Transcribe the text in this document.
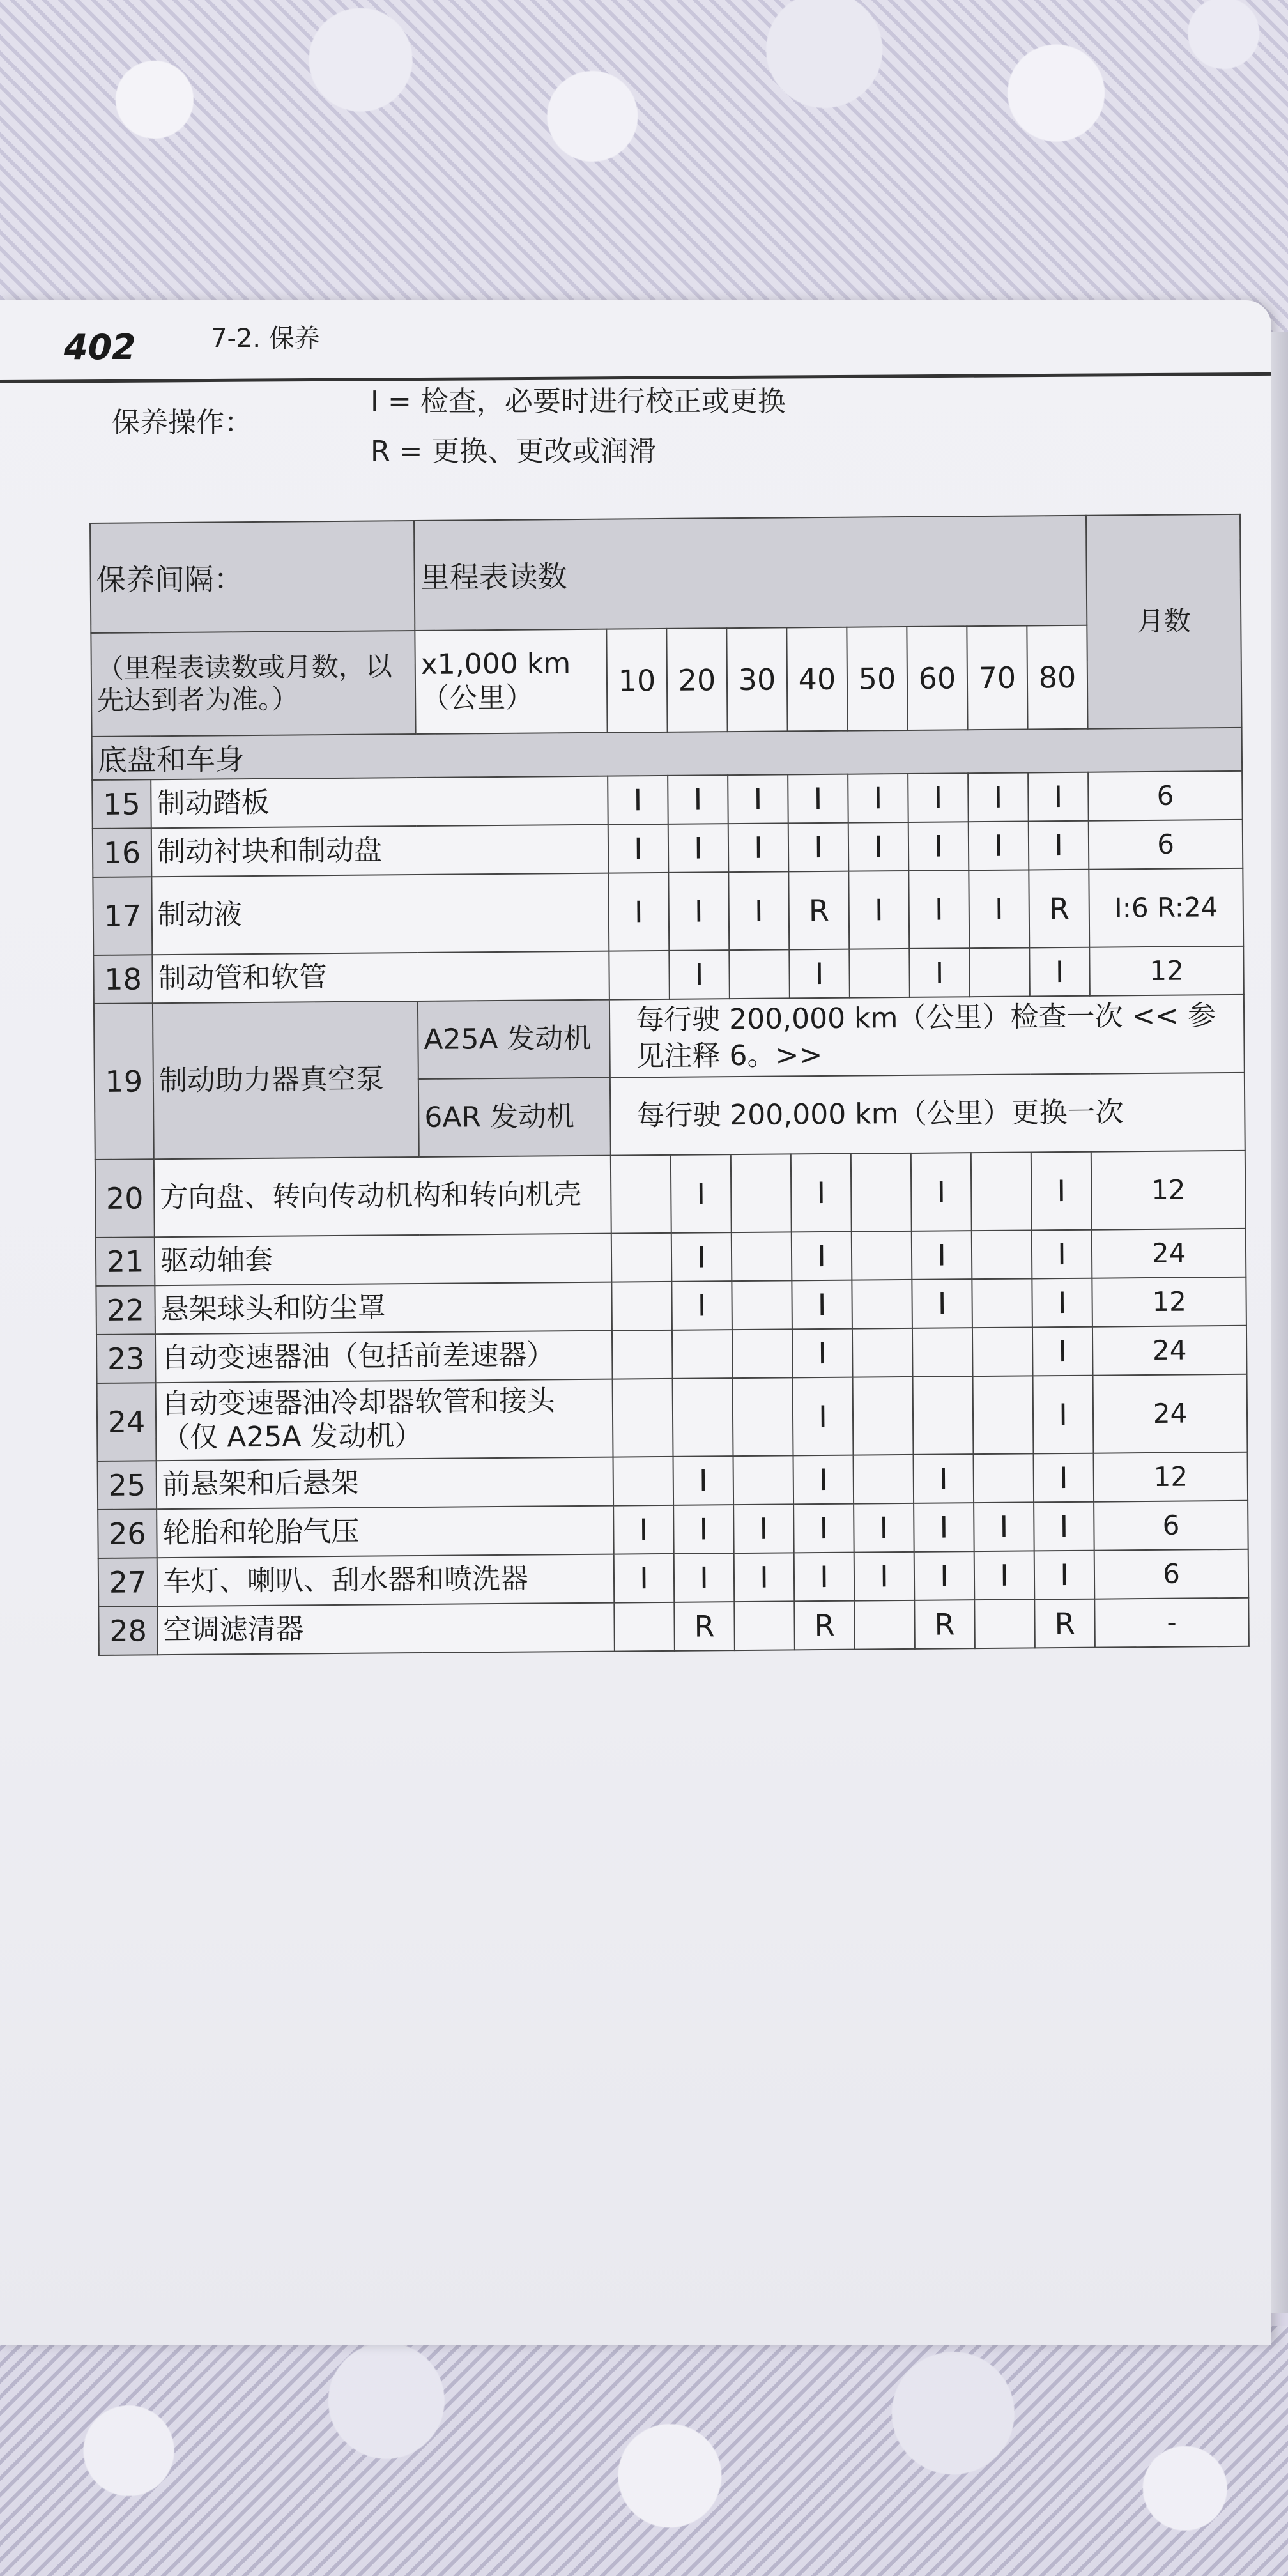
402	7-2. 保养
保养操作：
I = 检查，必要时进行校正或更换
R = 更换、更改或润滑
保养间隔：		里程表读数									月数
（里程表读数或月数，以先达到者为准。）		x1,000 km（公里）	10	20	30	40	50	60	70	80	
底盘和车身											
15	制动踏板		I	I	I	I	I	I	I	I	6
16	制动衬块和制动盘		I	I	I	I	I	I	I	I	6
17	制动液		I	I	I	R	I	I	I	R	I:6 R:24
18	制动管和软管			I		I		I		I	12
19	制动助力器真空泵	A25A 发动机	每行驶 200,000 km（公里）检查一次 << 参见注释 6。>>								
		6AR 发动机	每行驶 200,000 km（公里）更换一次								
20	方向盘、转向传动机构和转向机壳			I		I		I		I	12
21	驱动轴套			I		I		I		I	24
22	悬架球头和防尘罩			I		I		I		I	12
23	自动变速器油（包括前差速器）					I				I	24
24	自动变速器油冷却器软管和接头（仅 A25A 发动机）					I				I	24
25	前悬架和后悬架			I		I		I		I	12
26	轮胎和轮胎气压		I	I	I	I	I	I	I	I	6
27	车灯、喇叭、刮水器和喷洗器		I	I	I	I	I	I	I	I	6
28	空调滤清器			R		R		R		R	-
